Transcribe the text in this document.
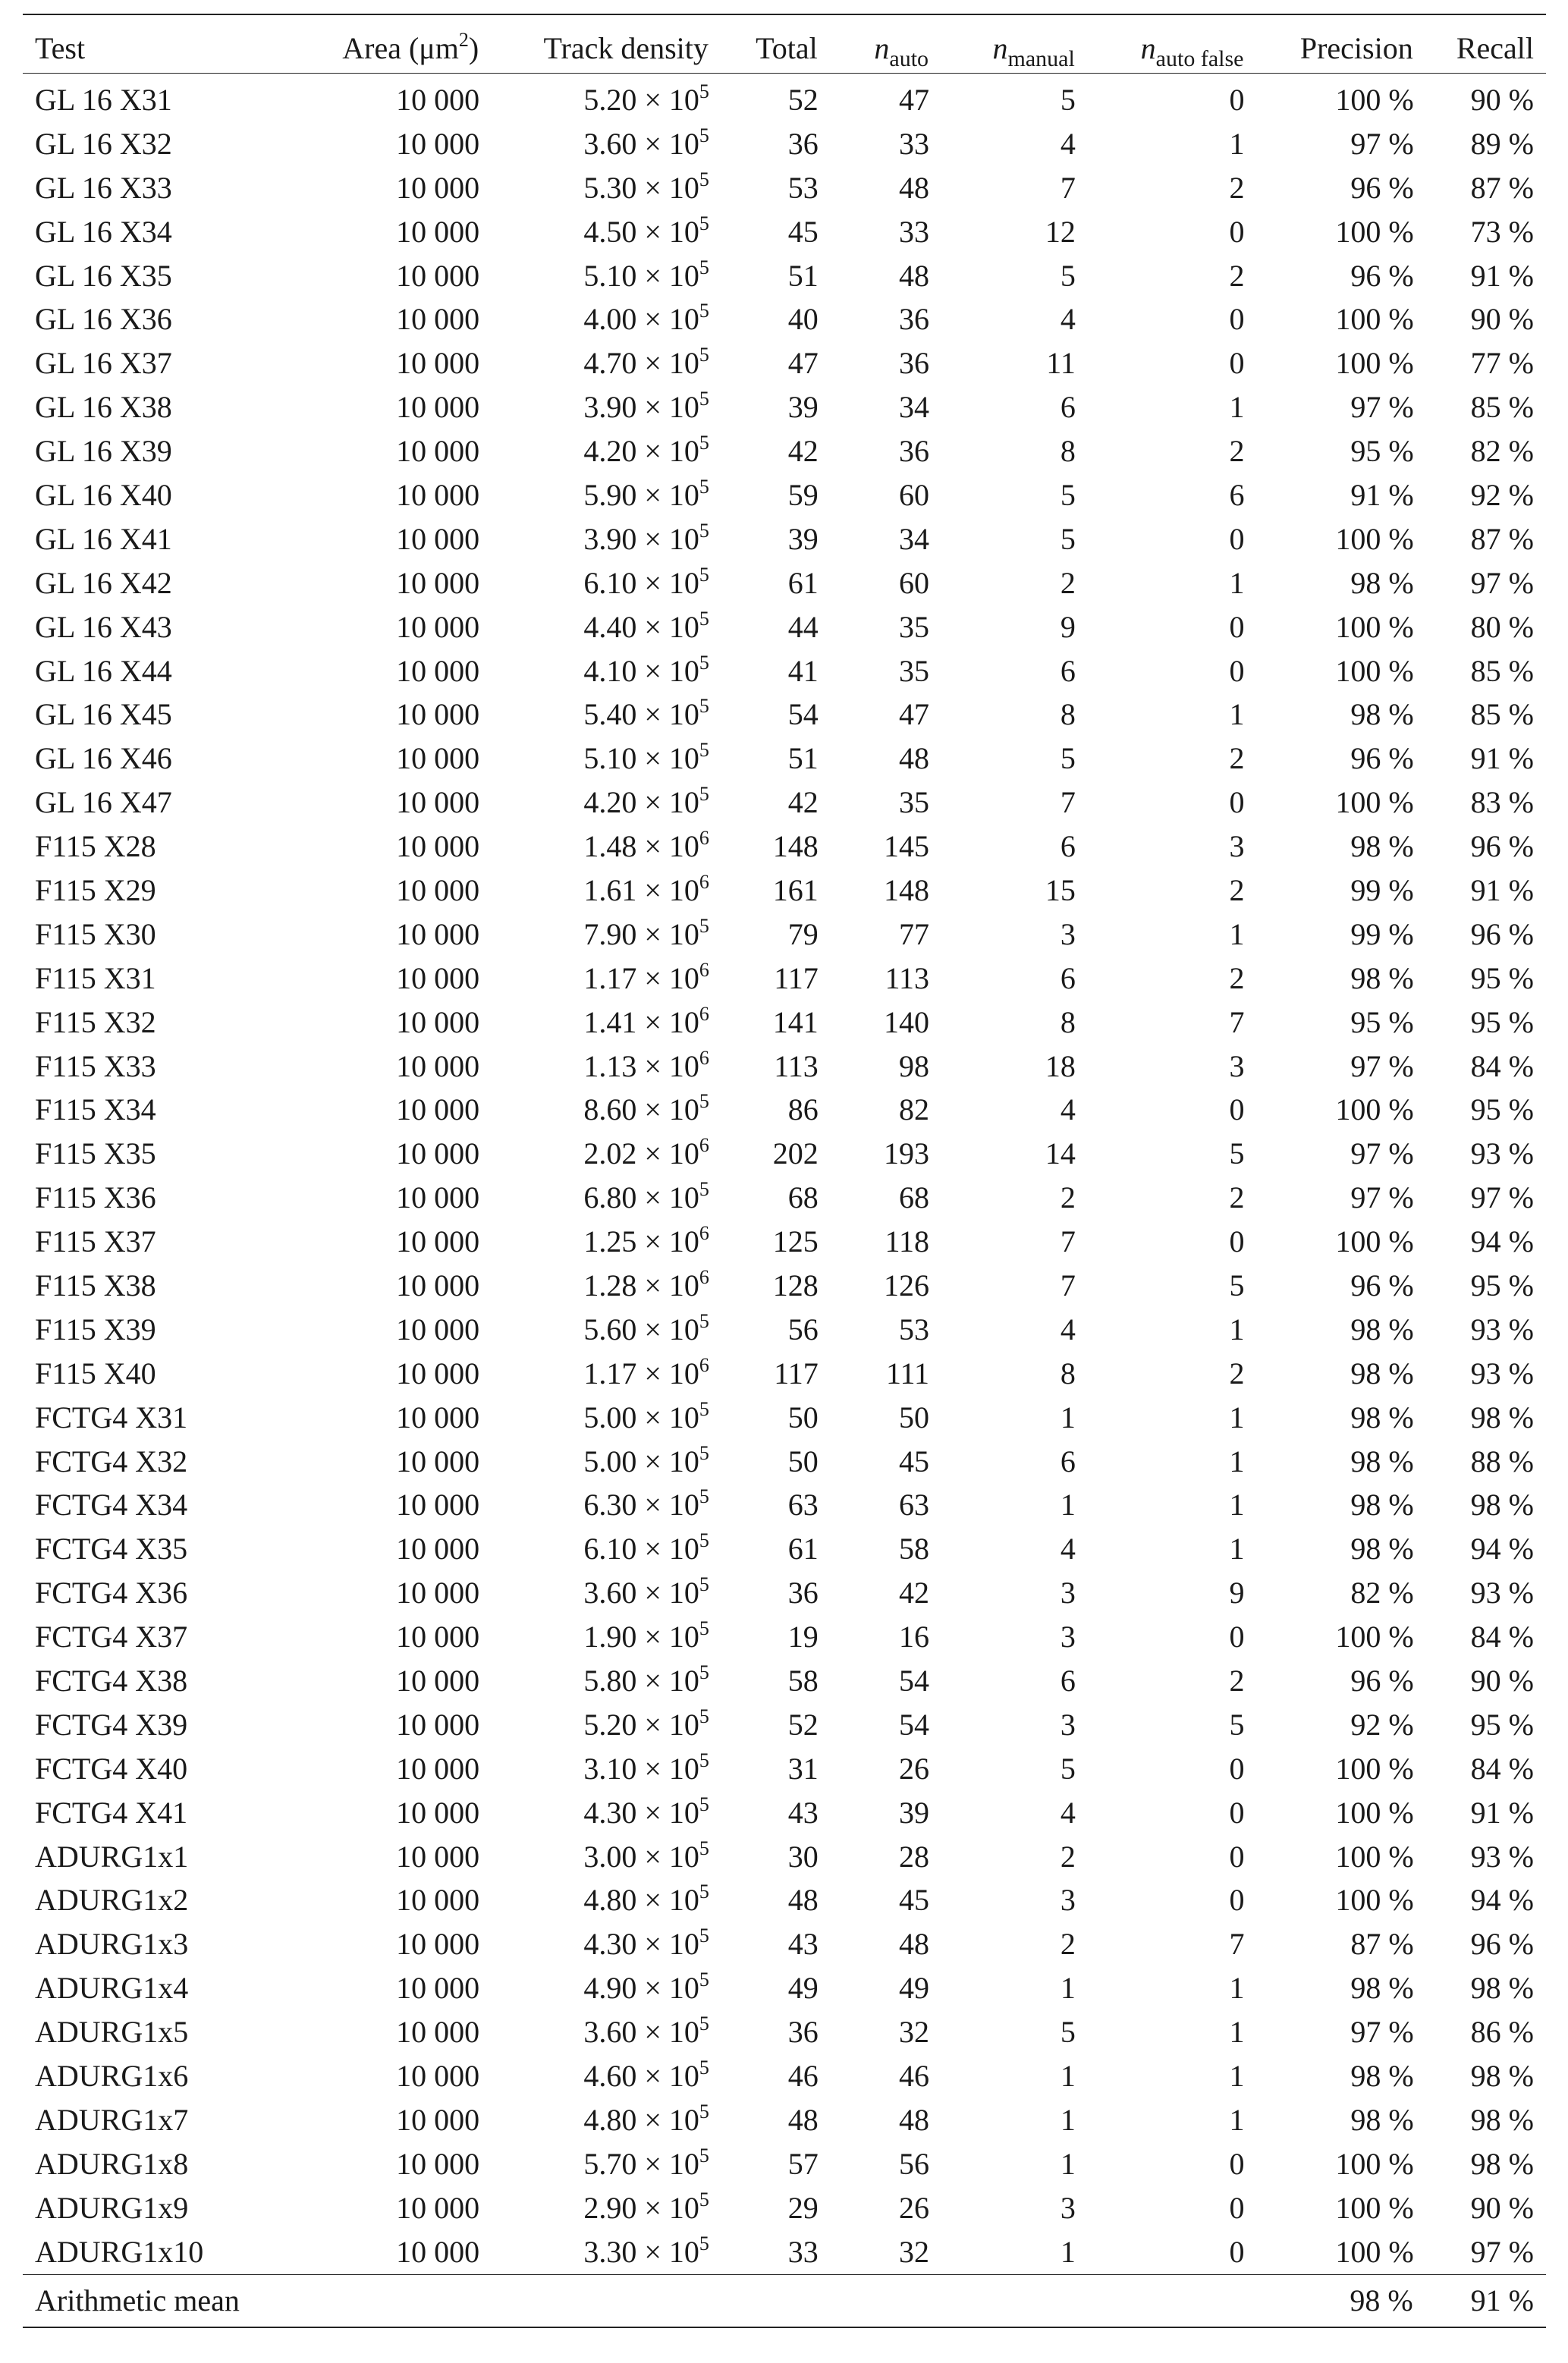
Test	Area $(\mu m^2)$	Track density	Total	$n_{auto}$	$n_{manual}$	$n_{auto false}$	Precision	Recall
GL 16 X31	10 000	$5.20 \times 10^5$	52	47	5	0	100 %	90 %
GL 16 X32	10 000	$3.60 \times 10^5$	36	33	4	1	97 %	89 %
GL 16 X33	10 000	$5.30 \times 10^5$	53	48	7	2	96 %	87 %
GL 16 X34	10 000	$4.50 \times 10^5$	45	33	12	0	100 %	73 %
GL 16 X35	10 000	$5.10 \times 10^5$	51	48	5	2	96 %	91 %
GL 16 X36	10 000	$4.00 \times 10^5$	40	36	4	0	100 %	90 %
GL 16 X37	10 000	$4.70 \times 10^5$	47	36	11	0	100 %	77 %
GL 16 X38	10 000	$3.90 \times 10^5$	39	34	6	1	97 %	85 %
GL 16 X39	10 000	$4.20 \times 10^5$	42	36	8	2	95 %	82 %
GL 16 X40	10 000	$5.90 \times 10^5$	59	60	5	6	91 %	92 %
GL 16 X41	10 000	$3.90 \times 10^5$	39	34	5	0	100 %	87 %
GL 16 X42	10 000	$6.10 \times 10^5$	61	60	2	1	98 %	97 %
GL 16 X43	10 000	$4.40 \times 10^5$	44	35	9	0	100 %	80 %
GL 16 X44	10 000	$4.10 \times 10^5$	41	35	6	0	100 %	85 %
GL 16 X45	10 000	$5.40 \times 10^5$	54	47	8	1	98 %	85 %
GL 16 X46	10 000	$5.10 \times 10^5$	51	48	5	2	96 %	91 %
GL 16 X47	10 000	$4.20 \times 10^5$	42	35	7	0	100 %	83 %
F115 X28	10 000	$1.48 \times 10^6$	148	145	6	3	98 %	96 %
F115 X29	10 000	$1.61 \times 10^6$	161	148	15	2	99 %	91 %
F115 X30	10 000	$7.90 \times 10^5$	79	77	3	1	99 %	96 %
F115 X31	10 000	$1.17 \times 10^6$	117	113	6	2	98 %	95 %
F115 X32	10 000	$1.41 \times 10^6$	141	140	8	7	95 %	95 %
F115 X33	10 000	$1.13 \times 10^6$	113	98	18	3	97 %	84 %
F115 X34	10 000	$8.60 \times 10^5$	86	82	4	0	100 %	95 %
F115 X35	10 000	$2.02 \times 10^6$	202	193	14	5	97 %	93 %
F115 X36	10 000	$6.80 \times 10^5$	68	68	2	2	97 %	97 %
F115 X37	10 000	$1.25 \times 10^6$	125	118	7	0	100 %	94 %
F115 X38	10 000	$1.28 \times 10^6$	128	126	7	5	96 %	95 %
F115 X39	10 000	$5.60 \times 10^5$	56	53	4	1	98 %	93 %
F115 X40	10 000	$1.17 \times 10^6$	117	111	8	2	98 %	93 %
FCTG4 X31	10 000	$5.00 \times 10^5$	50	50	1	1	98 %	98 %
FCTG4 X32	10 000	$5.00 \times 10^5$	50	45	6	1	98 %	88 %
FCTG4 X34	10 000	$6.30 \times 10^5$	63	63	1	1	98 %	98 %
FCTG4 X35	10 000	$6.10 \times 10^5$	61	58	4	1	98 %	94 %
FCTG4 X36	10 000	$3.60 \times 10^5$	36	42	3	9	82 %	93 %
FCTG4 X37	10 000	$1.90 \times 10^5$	19	16	3	0	100 %	84 %
FCTG4 X38	10 000	$5.80 \times 10^5$	58	54	6	2	96 %	90 %
FCTG4 X39	10 000	$5.20 \times 10^5$	52	54	3	5	92 %	95 %
FCTG4 X40	10 000	$3.10 \times 10^5$	31	26	5	0	100 %	84 %
FCTG4 X41	10 000	$4.30 \times 10^5$	43	39	4	0	100 %	91 %
ADURG1x1	10 000	$3.00 \times 10^5$	30	28	2	0	100 %	93 %
ADURG1x2	10 000	$4.80 \times 10^5$	48	45	3	0	100 %	94 %
ADURG1x3	10 000	$4.30 \times 10^5$	43	48	2	7	87 %	96 %
ADURG1x4	10 000	$4.90 \times 10^5$	49	49	1	1	98 %	98 %
ADURG1x5	10 000	$3.60 \times 10^5$	36	32	5	1	97 %	86 %
ADURG1x6	10 000	$4.60 \times 10^5$	46	46	1	1	98 %	98 %
ADURG1x7	10 000	$4.80 \times 10^5$	48	48	1	1	98 %	98 %
ADURG1x8	10 000	$5.70 \times 10^5$	57	56	1	0	100 %	98 %
ADURG1x9	10 000	$2.90 \times 10^5$	29	26	3	0	100 %	90 %
ADURG1x10	10 000	$3.30 \times 10^5$	33	32	1	0	100 %	97 %
Arithmetic mean							98 %	91 %
